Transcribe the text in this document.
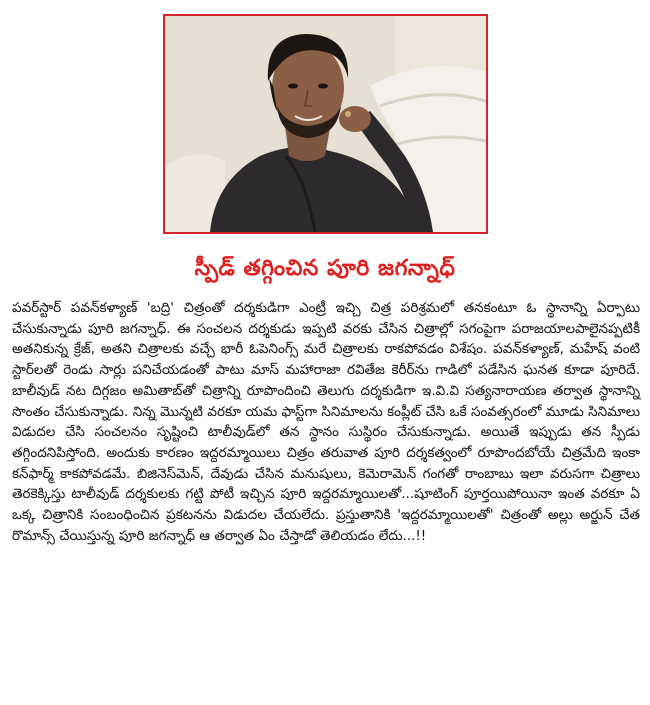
స్పీడ్ తగ్గించిన పూరి జగన్నాధ్

పవర్‌స్టార్ పవన్‌కళ్యాణ్ 'బద్రి' చిత్రంతో దర్శకుడిగా ఎంట్రీ ఇచ్చి చిత్ర పరిశ్రమలో తనకంటూ ఓ స్థానాన్ని ఏర్పాటు చేసుకున్నాడు పూరి జగన్నాధ్. ఈ సంచలన దర్శకుడు ఇప్పటి వరకు చేసిన చిత్రాల్లో సగంపైగా పరాజయాలపాలైనప్పటికీ అతనికున్న క్రేజ్, అతని చిత్రాలకు వచ్చే భారీ ఓపెనింగ్స్ మరే చిత్రాలకు రాకపోవడం విశేషం. పవన్‌కళ్యాణ్, మహేష్ వంటి స్టార్‌లతో రెండు సార్లు పనిచేయడంతో పాటు మాస్ మహారాజా రవితేజ కెరీర్‌ను గాడిలో పడేసిన ఘనత కూడా పూరిదే. బాలీవుడ్ నట దిగ్గజం అమితాబ్‌తో చిత్రాన్ని రూపొందించి తెలుగు దర్శకుడిగా ఇ.వి.వి సత్యనారాయణ తర్వాత స్థానాన్ని సొంతం చేసుకున్నాడు. నిన్న మొన్నటి వరకూ యమ ఫాస్ట్‌గా సినిమాలను కంప్లీట్ చేసి ఒకే సంవత్సరంలో మూడు సినిమాలు విడుదల చేసి సంచలనం సృష్టించి టాలీవుడ్‌లో తన స్థానం సుస్థిరం చేసుకున్నాడు. అయితే ఇప్పుడు తన స్పీడు తగ్గిందనిపిస్తోంది. అందుకు కారణం ఇద్దరమ్మాయిలు చిత్రం తరువాత పూరి దర్శకత్వంలో రూపొందబోయే చిత్రమేది ఇంకా కన్‌ఫార్మ్ కాకపోవడమే. బిజినెస్‌మెన్, దేవుడు చేసిన మనుషులు, కెమెరామెన్ గంగతో రాంబాబు ఇలా వరుసగా చిత్రాలు తెరకెక్కిస్తు టాలీవుడ్ దర్శకులకు గట్టి పోటీ ఇచ్చిన పూరి ఇద్దరమ్మాయిలతో...షూటింగ్ పూర్తయిపోయినా ఇంత వరకూ ఏ ఒక్క చిత్రానికి సంబంధించిన ప్రకటనను విడుదల చేయలేదు. ప్రస్తుతానికి 'ఇద్దరమ్మాయిలతో' చిత్రంతో అల్లు అర్జున్ చేత రొమాన్స్ చేయిస్తున్న పూరి జగన్నాధ్ ఆ తర్వాత ఏం చేస్తాడో తెలియడం లేదు...!!
